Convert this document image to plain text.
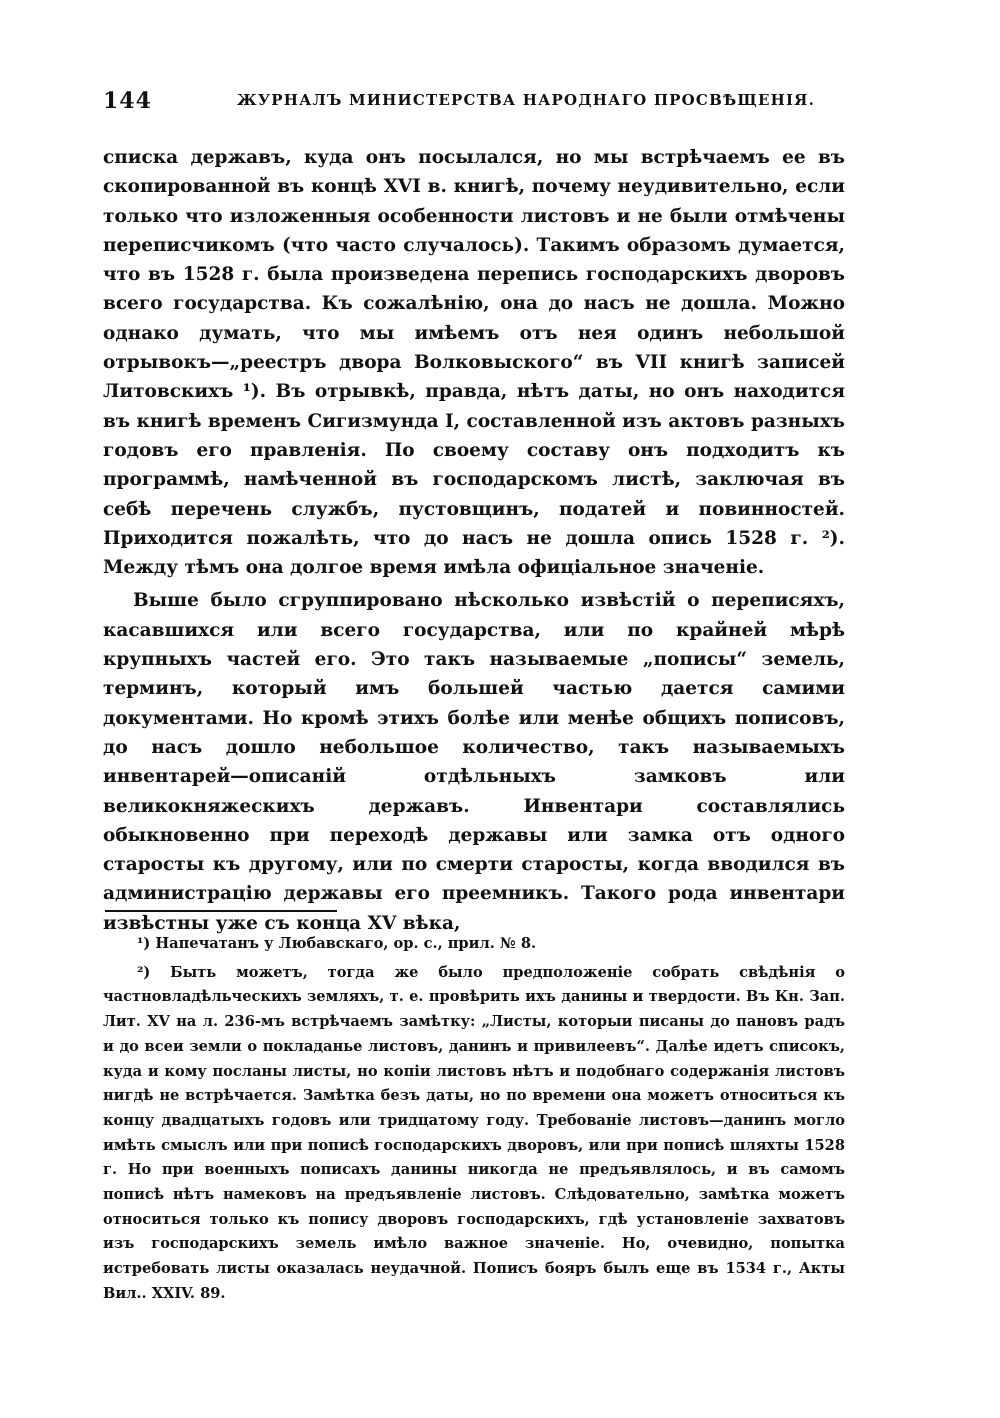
144	ЖУРНАЛЪ МИНИСТЕРСТВА НАРОДНАГО ПРОСВѢЩЕНІЯ.

списка державъ, куда онъ посылался, но мы встрѣчаемъ ее въ скопированной въ концѣ XVI в. книгѣ, почему неудивительно, если только что изложенныя особенности листовъ и не были отмѣчены переписчикомъ (что часто случалось). Такимъ образомъ думается, что въ 1528 г. была произведена перепись господарскихъ дворовъ всего государства. Къ сожалѣнію, она до насъ не дошла. Можно однако думать, что мы имѣемъ отъ нея одинъ небольшой отрывокъ—„реестръ двора Волковыского“ въ VII книгѣ записей Литовскихъ ¹). Въ отрывкѣ, правда, нѣтъ даты, но онъ находится въ книгѣ временъ Сигизмунда I, составленной изъ актовъ разныхъ годовъ его правленія. По своему составу онъ подходитъ къ программѣ, намѣченной въ господарскомъ листѣ, заключая въ себѣ перечень службъ, пустовщинъ, податей и повинностей. Приходится пожалѣть, что до насъ не дошла опись 1528 г. ²). Между тѣмъ она долгое время имѣла офиціальное значеніе.

Выше было сгруппировано нѣсколько извѣстій о переписяхъ, касавшихся или всего государства, или по крайней мѣрѣ крупныхъ частей его. Это такъ называемые „пописы“ земель, терминъ, который имъ большей частью дается самими документами. Но кромѣ этихъ болѣе или менѣе общихъ пописовъ, до насъ дошло небольшое количество, такъ называемыхъ инвентарей—описаній отдѣльныхъ замковъ или великокняжескихъ державъ. Инвентари составлялись обыкновенно при переходѣ державы или замка отъ одного старосты къ другому, или по смерти старосты, когда вводился въ администрацію державы его преемникъ. Такого рода инвентари извѣстны уже съ конца XV вѣка,

¹) Напечатанъ у Любавскаго, op. c., прил. № 8.

²) Быть можетъ, тогда же было предположеніе собрать свѣдѣнія о частновладѣльческихъ земляхъ, т. е. провѣрить ихъ данины и твердости. Въ Кн. Зап. Лит. XV на л. 236-мъ встрѣчаемъ замѣтку: „Листы, которыи писаны до пановъ радъ и до всеи земли о покладанье листовъ, данинъ и привилеевъ“. Далѣе идетъ списокъ, куда и кому посланы листы, но копіи листовъ нѣтъ и подобнаго содержанія листовъ нигдѣ не встрѣчается. Замѣтка безъ даты, но по времени она можетъ относиться къ концу двадцатыхъ годовъ или тридцатому году. Требованіе листовъ—данинъ могло имѣть смыслъ или при пописѣ господарскихъ дворовъ, или при пописѣ шляхты 1528 г. Но при военныхъ пописахъ данины никогда не предъявлялось, и въ самомъ пописѣ нѣтъ намековъ на предъявленіе листовъ. Слѣдовательно, замѣтка можетъ относиться только къ попису дворовъ господарскихъ, гдѣ установленіе захватовъ изъ господарскихъ земель имѣло важное значеніе. Но, очевидно, попытка истребовать листы оказалась неудачной. Пописъ бояръ былъ еще въ 1534 г., Акты Вил.. XXIV. 89.
